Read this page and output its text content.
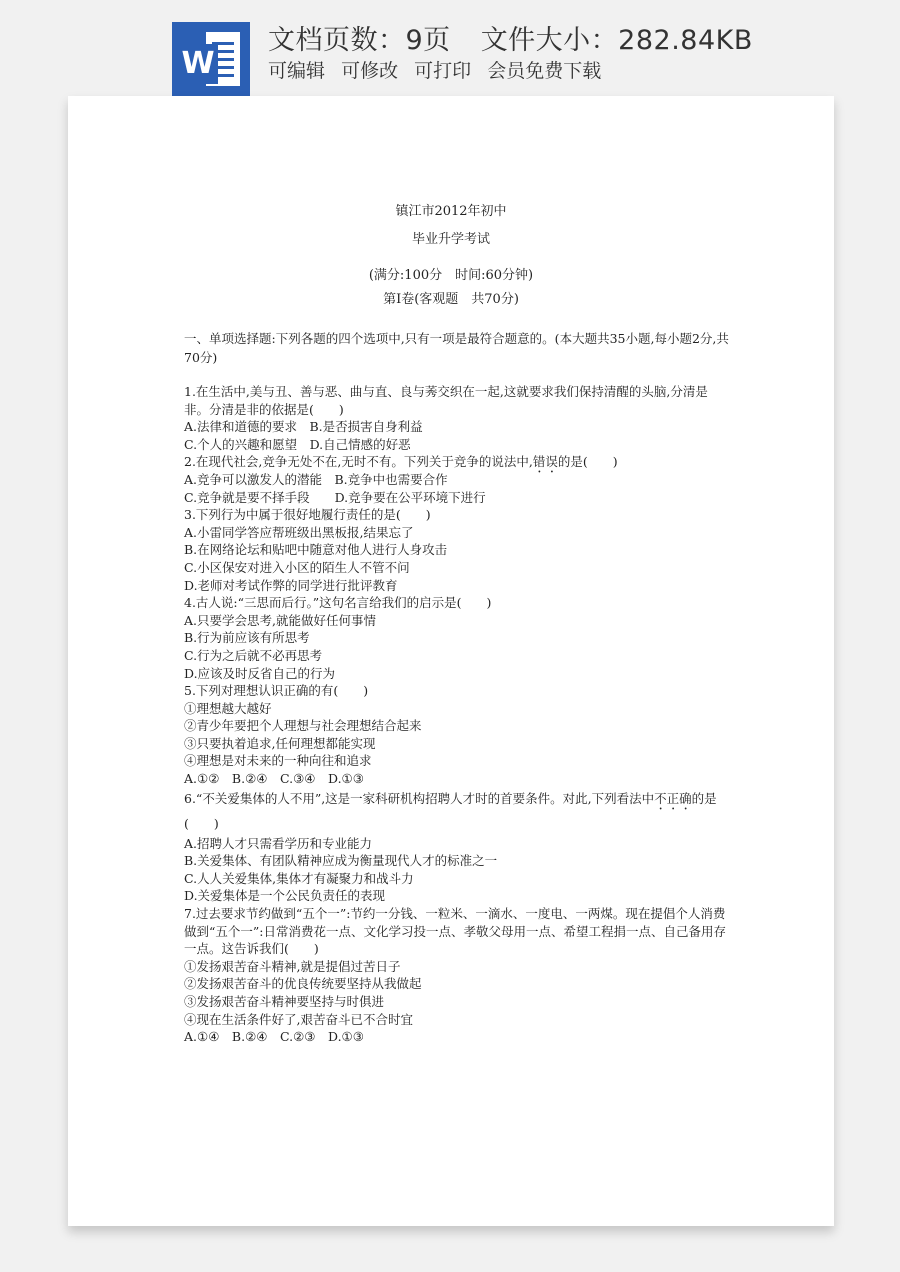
W
文档页数：9页 文件大小：282.84KB
可编辑 可修改 可打印 会员免费下载
镇江市2012年初中
毕业升学考试
(满分:100分　时间:60分钟)
第Ⅰ卷(客观题　共70分)
一、单项选择题:下列各题的四个选项中,只有一项是最符合题意的。(本大题共35小题,每小题2分,共70分)
1.在生活中,美与丑、善与恶、曲与直、良与莠交织在一起,这就要求我们保持清醒的头脑,分清是非。分清是非的依据是(　　)
A.法律和道德的要求　B.是否损害自身利益
C.个人的兴趣和愿望　D.自己情感的好恶
2.在现代社会,竞争无处不在,无时不有。下列关于竞争的说法中,错误的是(　　)
A.竞争可以激发人的潜能　B.竞争中也需要合作
C.竞争就是要不择手段　　D.竞争要在公平环境下进行
3.下列行为中属于很好地履行责任的是(　　)
A.小雷同学答应帮班级出黑板报,结果忘了
B.在网络论坛和贴吧中随意对他人进行人身攻击
C.小区保安对进入小区的陌生人不管不问
D.老师对考试作弊的同学进行批评教育
4.古人说:“三思而后行。”这句名言给我们的启示是(　　)
A.只要学会思考,就能做好任何事情
B.行为前应该有所思考
C.行为之后就不必再思考
D.应该及时反省自己的行为
5.下列对理想认识正确的有(　　)
①理想越大越好
②青少年要把个人理想与社会理想结合起来
③只要执着追求,任何理想都能实现
④理想是对未来的一种向往和追求
A.①②　B.②④　C.③④　D.①③
6.“不关爱集体的人不用”,这是一家科研机构招聘人才时的首要条件。对此,下列看法中不正确的是(　　)
A.招聘人才只需看学历和专业能力
B.关爱集体、有团队精神应成为衡量现代人才的标准之一
C.人人关爱集体,集体才有凝聚力和战斗力
D.关爱集体是一个公民负责任的表现
7.过去要求节约做到“五个一”:节约一分钱、一粒米、一滴水、一度电、一两煤。现在提倡个人消费做到“五个一”:日常消费花一点、文化学习投一点、孝敬父母用一点、希望工程捐一点、自己备用存一点。这告诉我们(　　)
①发扬艰苦奋斗精神,就是提倡过苦日子
②发扬艰苦奋斗的优良传统要坚持从我做起
③发扬艰苦奋斗精神要坚持与时俱进
④现在生活条件好了,艰苦奋斗已不合时宜
A.①④　B.②④　C.②③　D.①③
